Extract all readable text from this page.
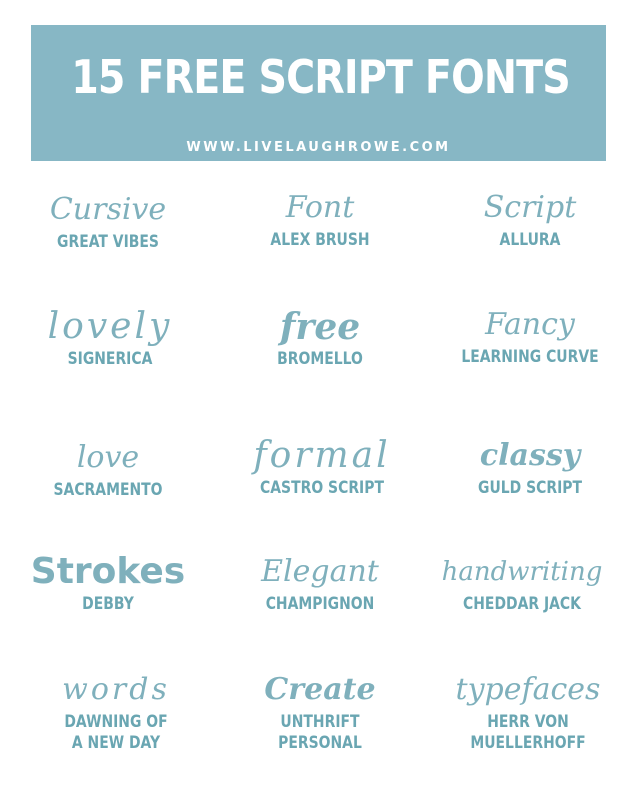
15 FREE SCRIPT FONTS
WWW.LIVELAUGHROWE.COM
Cursive
GREAT VIBES
Font
ALEX BRUSH
Script
ALLURA
lovely
SIGNERICA
free
BROMELLO
Fancy
LEARNING CURVE
love
SACRAMENTO
formal
CASTRO SCRIPT
classy
GULD SCRIPT
Strokes
DEBBY
Elegant
CHAMPIGNON
handwriting
CHEDDAR JACK
words
DAWNING OF
A NEW DAY
Create
UNTHRIFT
PERSONAL
typefaces
HERR VON
MUELLERHOFF
